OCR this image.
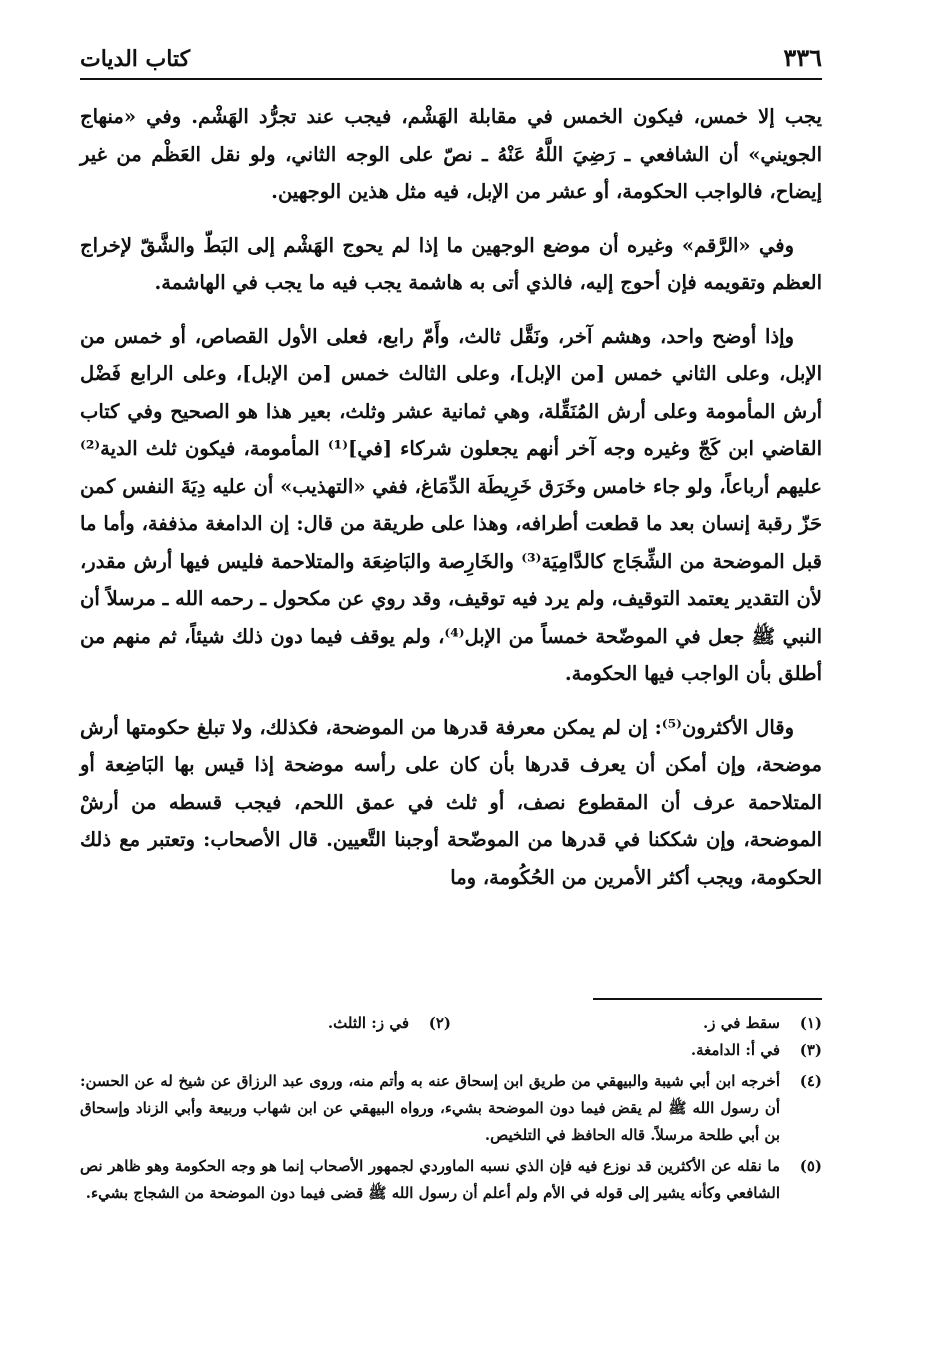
٣٣٦
كتاب الديات

يجب إلا خمس، فيكون الخمس في مقابلة الهَشْم، فيجب عند تجرُّد الهَشْم. وفي «منهاج الجويني» أن الشافعي ـ رَضِيَ اللَّهُ عَنْهُ ـ نصّ على الوجه الثاني، ولو نقل العَظْم من غير إيضاح، فالواجب الحكومة، أو عشر من الإبل، فيه مثل هذين الوجهين.

وفي «الرَّقم» وغيره أن موضع الوجهين ما إذا لم يحوج الهَشْم إلى البَطّ والشَّقّ لإخراج العظم وتقويمه فإن أحوج إليه، فالذي أتى به هاشمة يجب فيه ما يجب في الهاشمة.

وإذا أوضح واحد، وهشم آخر، ونَقَّل ثالث، وأَمّ رابع، فعلى الأول القصاص، أو خمس من الإبل، وعلى الثاني خمس [من الإبل]، وعلى الثالث خمس [من الإبل]، وعلى الرابع فَضْل أرش المأمومة وعلى أرش المُنَقِّلة، وهي ثمانية عشر وثلث، بعير هذا هو الصحيح وفي كتاب القاضي ابن كَجّ وغيره وجه آخر أنهم يجعلون شركاء [في]⁽¹⁾ المأمومة، فيكون ثلث الدية⁽²⁾ عليهم أرباعاً، ولو جاء خامس وخَرَق خَرِيطَة الدِّمَاغ، ففي «التهذيب» أن عليه دِيَةَ النفس كمن حَزّ رقبة إنسان بعد ما قطعت أطرافه، وهذا على طريقة من قال: إن الدامغة مذففة، وأما ما قبل الموضحة من الشِّجَاج كالدَّامِيَة⁽³⁾ والخَارِصة والبَاضِعَة والمتلاحمة فليس فيها أرش مقدر، لأن التقدير يعتمد التوقيف، ولم يرد فيه توقيف، وقد روي عن مكحول ـ رحمه الله ـ مرسلاً أن النبي ﷺ جعل في الموضّحة خمساً من الإبل⁽⁴⁾، ولم يوقف فيما دون ذلك شيئاً، ثم منهم من أطلق بأن الواجب فيها الحكومة.

وقال الأكثرون⁽⁵⁾: إن لم يمكن معرفة قدرها من الموضحة، فكذلك، ولا تبلغ حكومتها أرش موضحة، وإن أمكن أن يعرف قدرها بأن كان على رأسه موضحة إذا قيس بها البَاضِعة أو المتلاحمة عرف أن المقطوع نصف، أو ثلث في عمق اللحم، فيجب قسطه من أرشْ الموضحة، وإن شككنا في قدرها من الموضّحة أوجبنا التَّعيين. قال الأصحاب: وتعتبر مع ذلك الحكومة، ويجب أكثر الأمرين من الحُكُومة، وما

(١)
سقط في ز.
(٢)
في ز: الثلث.
(٣)
في أ: الدامغة.
(٤)
أخرجه ابن أبي شيبة والبيهقي من طريق ابن إسحاق عنه به وأتم منه، وروى عبد الرزاق عن شيخ له عن الحسن: أن رسول الله ﷺ لم يقض فيما دون الموضحة بشيء، ورواه البيهقي عن ابن شهاب وربيعة وأبي الزناد وإسحاق بن أبي طلحة مرسلاً. قاله الحافظ في التلخيص.
(٥)
ما نقله عن الأكثرين قد نوزع فيه فإن الذي نسبه الماوردي لجمهور الأصحاب إنما هو وجه الحكومة وهو ظاهر نص الشافعي وكأنه يشير إلى قوله في الأم ولم أعلم أن رسول الله ﷺ قضى فيما دون الموضحة من الشجاج بشيء.
